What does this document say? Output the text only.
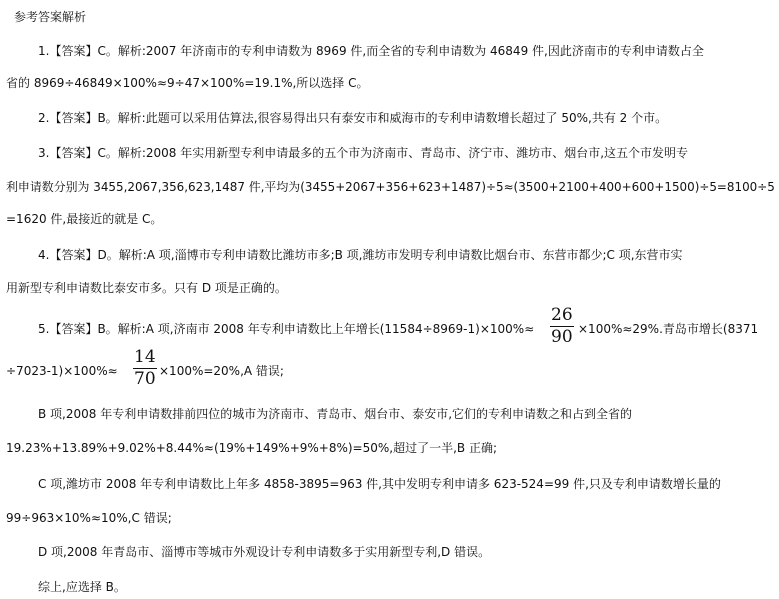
参考答案解析
1.【答案】C。解析:2007 年济南市的专利申请数为 8969 件,而全省的专利申请数为 46849 件,因此济南市的专利申请数占全
省的 8969÷46849×100%≈9÷47×100%=19.1%,所以选择 C。
2.【答案】B。解析:此题可以采用估算法,很容易得出只有泰安市和威海市的专利申请数增长超过了 50%,共有 2 个市。
3.【答案】C。解析:2008 年实用新型专利申请最多的五个市为济南市、青岛市、济宁市、潍坊市、烟台市,这五个市发明专
利申请数分别为 3455,2067,356,623,1487 件,平均为(3455+2067+356+623+1487)÷5≈(3500+2100+400+600+1500)÷5=8100÷5
=1620 件,最接近的就是 C。
4.【答案】D。解析:A 项,淄博市专利申请数比潍坊市多;B 项,潍坊市发明专利申请数比烟台市、东营市都少;C 项,东营市实
用新型专利申请数比泰安市多。只有 D 项是正确的。
5.【答案】B。解析:A 项,济南市 2008 年专利申请数比上年增长$(11584\div 8969-1)\times 100\%\approx \frac{26}{90} \times 100\%\approx 29\%$.青岛市增长(8371
$\div 7023-1)\times 100\%\approx \frac{14}{70} \times 100\%=20\%,A$ 错误;
B 项,2008 年专利申请数排前四位的城市为济南市、青岛市、烟台市、泰安市,它们的专利申请数之和占到全省的
19.23%+13.89%+9.02%+8.44%≈(19%+149%+9%+8%)=50%,超过了一半,B 正确;
C 项,潍坊市 2008 年专利申请数比上年多 4858-3895=963 件,其中发明专利申请多 623-524=99 件,只及专利申请数增长量的
99÷963×10%≈10%,C 错误;
D 项,2008 年青岛市、淄博市等城市外观设计专利申请数多于实用新型专利,D 错误。
综上,应选择 B。
